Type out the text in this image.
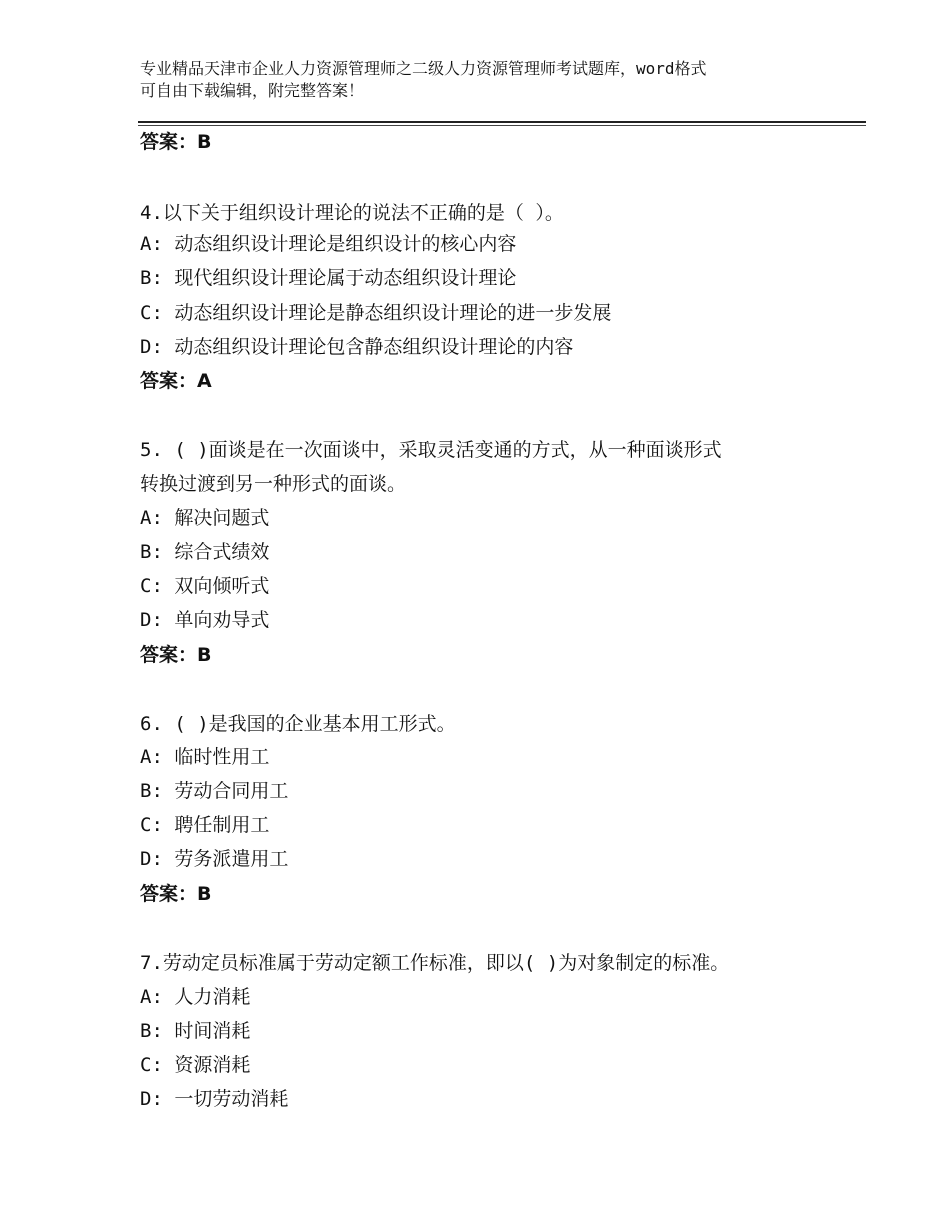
专业精品天津市企业人力资源管理师之二级人力资源管理师考试题库，word格式
可自由下载编辑，附完整答案！
答案：B
4.以下关于组织设计理论的说法不正确的是（ ）。
A: 动态组织设计理论是组织设计的核心内容
B: 现代组织设计理论属于动态组织设计理论
C: 动态组织设计理论是静态组织设计理论的进一步发展
D: 动态组织设计理论包含静态组织设计理论的内容
答案：A
5. ( )面谈是在一次面谈中，采取灵活变通的方式，从一种面谈形式
转换过渡到另一种形式的面谈。
A: 解决问题式
B: 综合式绩效
C: 双向倾听式
D: 单向劝导式
答案：B
6. ( )是我国的企业基本用工形式。
A: 临时性用工
B: 劳动合同用工
C: 聘任制用工
D: 劳务派遣用工
答案：B
7.劳动定员标准属于劳动定额工作标准，即以( )为对象制定的标准。
A: 人力消耗
B: 时间消耗
C: 资源消耗
D: 一切劳动消耗
